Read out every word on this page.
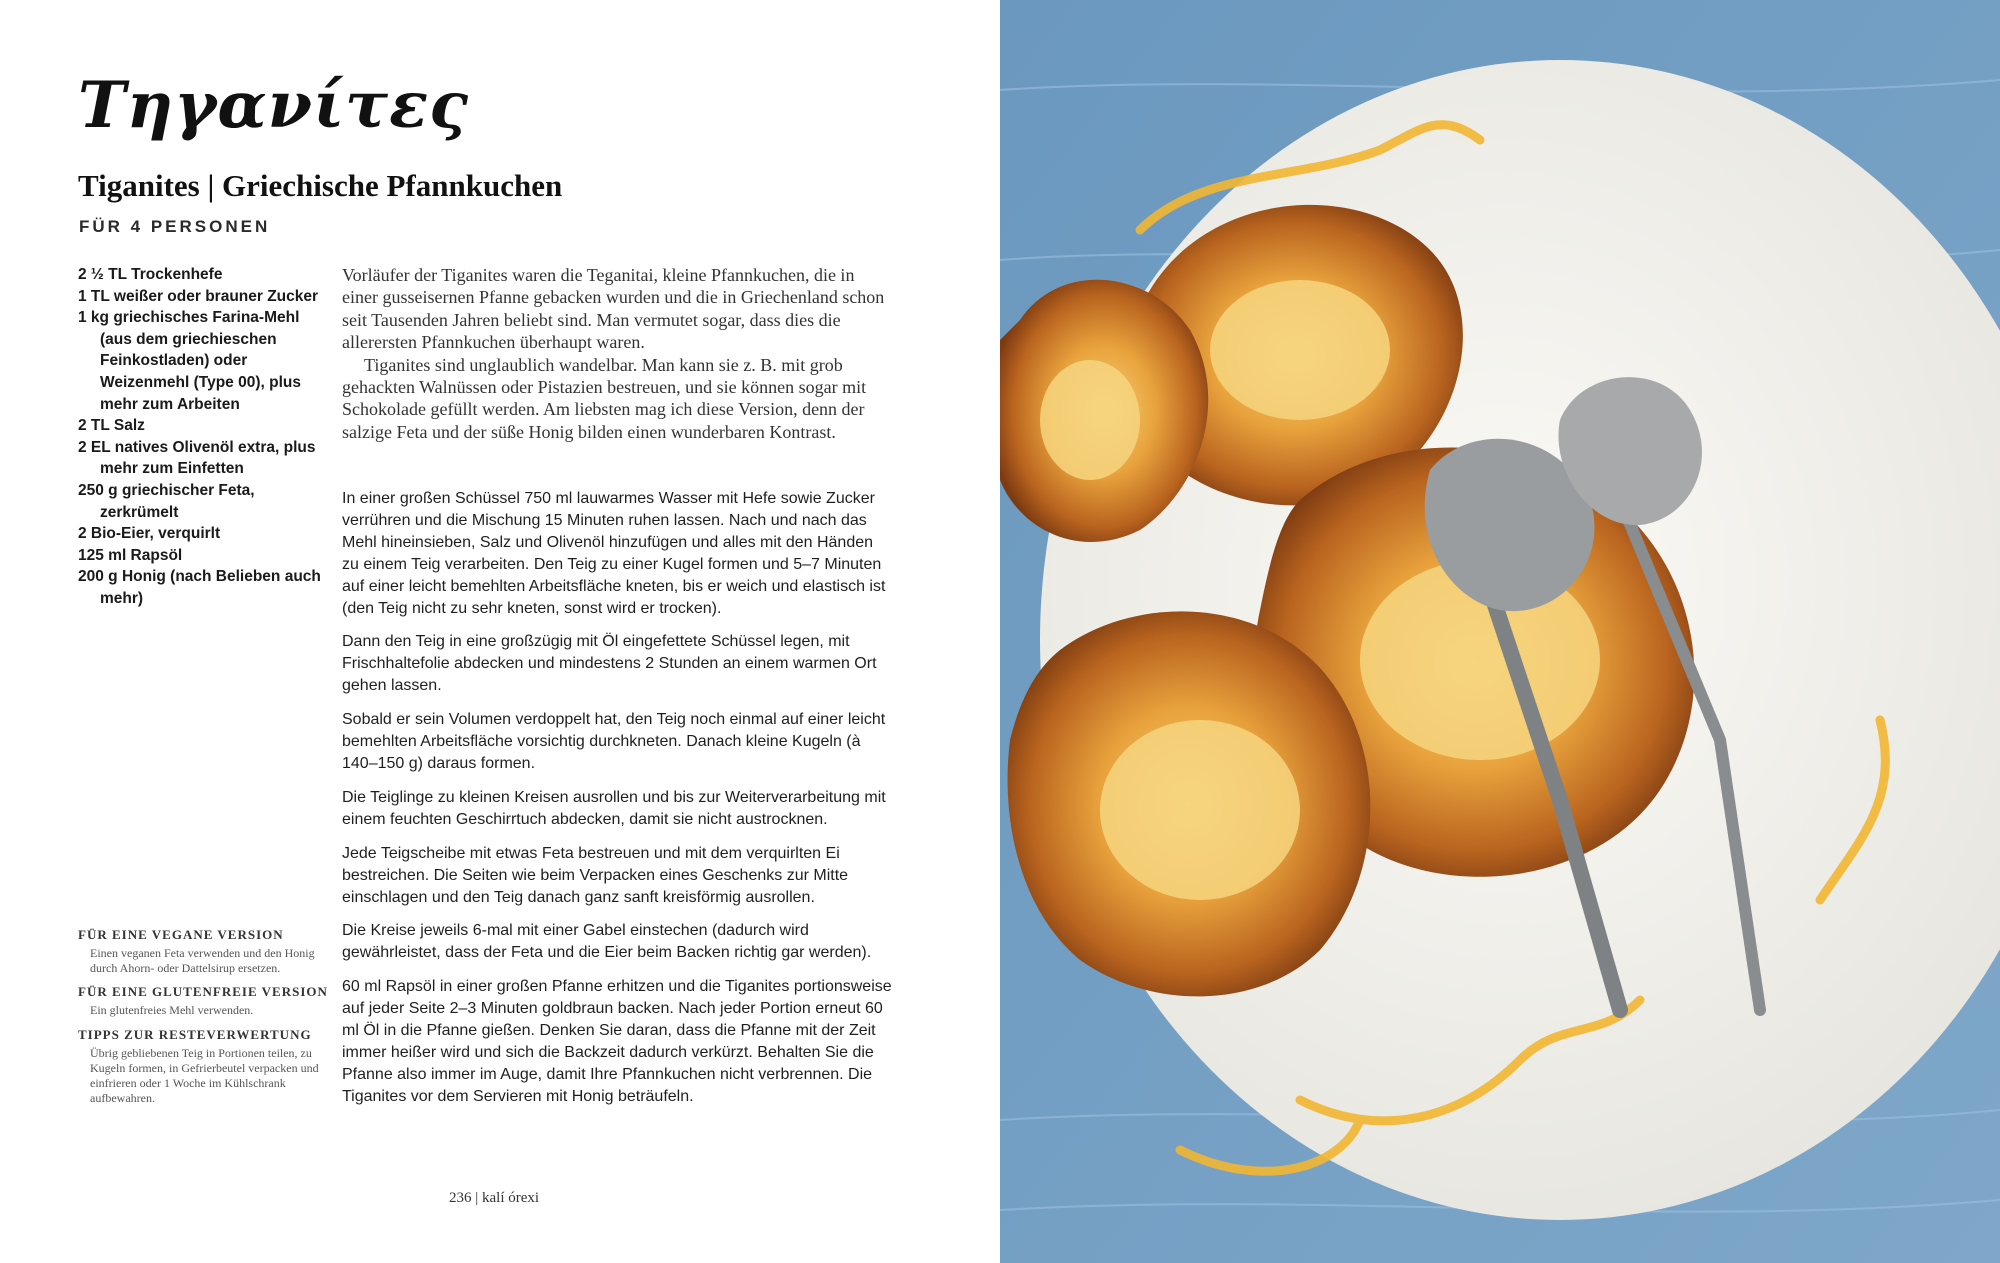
Τηγανίτες
Tiganites | Griechische Pfannkuchen
FÜR 4 PERSONEN
2 ½ TL Trockenhefe
1 TL weißer oder brauner Zucker
1 kg griechisches Farina-Mehl (aus dem griechieschen Feinkostladen) oder Weizenmehl (Type 00), plus mehr zum Arbeiten
2 TL Salz
2 EL natives Olivenöl extra, plus mehr zum Einfetten
250 g griechischer Feta, zerkrümelt
2 Bio-Eier, verquirlt
125 ml Rapsöl
200 g Honig (nach Belieben auch mehr)

Vorläufer der Tiganites waren die Teganitai, kleine Pfannkuchen, die in einer gusseisernen Pfanne gebacken wurden und die in Griechenland schon seit Tausenden Jahren beliebt sind. Man vermutet sogar, dass dies die allerersten Pfannkuchen überhaupt waren.

Tiganites sind unglaublich wandelbar. Man kann sie z. B. mit grob gehackten Walnüssen oder Pistazien bestreuen, und sie können sogar mit Schokolade gefüllt werden. Am liebsten mag ich diese Version, denn der salzige Feta und der süße Honig bilden einen wunderbaren Kontrast.

In einer großen Schüssel 750 ml lauwarmes Wasser mit Hefe sowie Zucker verrühren und die Mischung 15 Minuten ruhen lassen. Nach und nach das Mehl hineinsieben, Salz und Olivenöl hinzufügen und alles mit den Händen zu einem Teig verarbeiten. Den Teig zu einer Kugel formen und 5–7 Minuten auf einer leicht bemehlten Arbeitsfläche kneten, bis er weich und elastisch ist (den Teig nicht zu sehr kneten, sonst wird er trocken).

Dann den Teig in eine großzügig mit Öl eingefettete Schüssel legen, mit Frischhaltefolie abdecken und mindestens 2 Stunden an einem warmen Ort gehen lassen.

Sobald er sein Volumen verdoppelt hat, den Teig noch einmal auf einer leicht bemehlten Arbeitsfläche vorsichtig durchkneten. Danach kleine Kugeln (à 140–150 g) daraus formen.

Die Teiglinge zu kleinen Kreisen ausrollen und bis zur Weiterverarbeitung mit einem feuchten Geschirrtuch abdecken, damit sie nicht austrocknen.

Jede Teigscheibe mit etwas Feta bestreuen und mit dem verquirlten Ei bestreichen. Die Seiten wie beim Verpacken eines Geschenks zur Mitte einschlagen und den Teig danach ganz sanft kreisförmig ausrollen.

Die Kreise jeweils 6-mal mit einer Gabel einstechen (dadurch wird gewährleistet, dass der Feta und die Eier beim Backen richtig gar werden).

60 ml Rapsöl in einer großen Pfanne erhitzen und die Tiganites portionsweise auf jeder Seite 2–3 Minuten goldbraun backen. Nach jeder Portion erneut 60 ml Öl in die Pfanne gießen. Denken Sie daran, dass die Pfanne mit der Zeit immer heißer wird und sich die Backzeit dadurch verkürzt. Behalten Sie die Pfanne also immer im Auge, damit Ihre Pfannkuchen nicht verbrennen. Die Tiganites vor dem Servieren mit Honig beträufeln.

FÜR EINE VEGANE VERSION
Einen veganen Feta verwenden und den Honig durch Ahorn- oder Dattelsirup ersetzen.
FÜR EINE GLUTENFREIE VERSION
Ein glutenfreies Mehl verwenden.
TIPPS ZUR RESTEVERWERTUNG
Übrig gebliebenen Teig in Portionen teilen, zu Kugeln formen, in Gefrierbeutel verpacken und einfrieren oder 1 Woche im Kühlschrank aufbewahren.
236 | kalí órexi
